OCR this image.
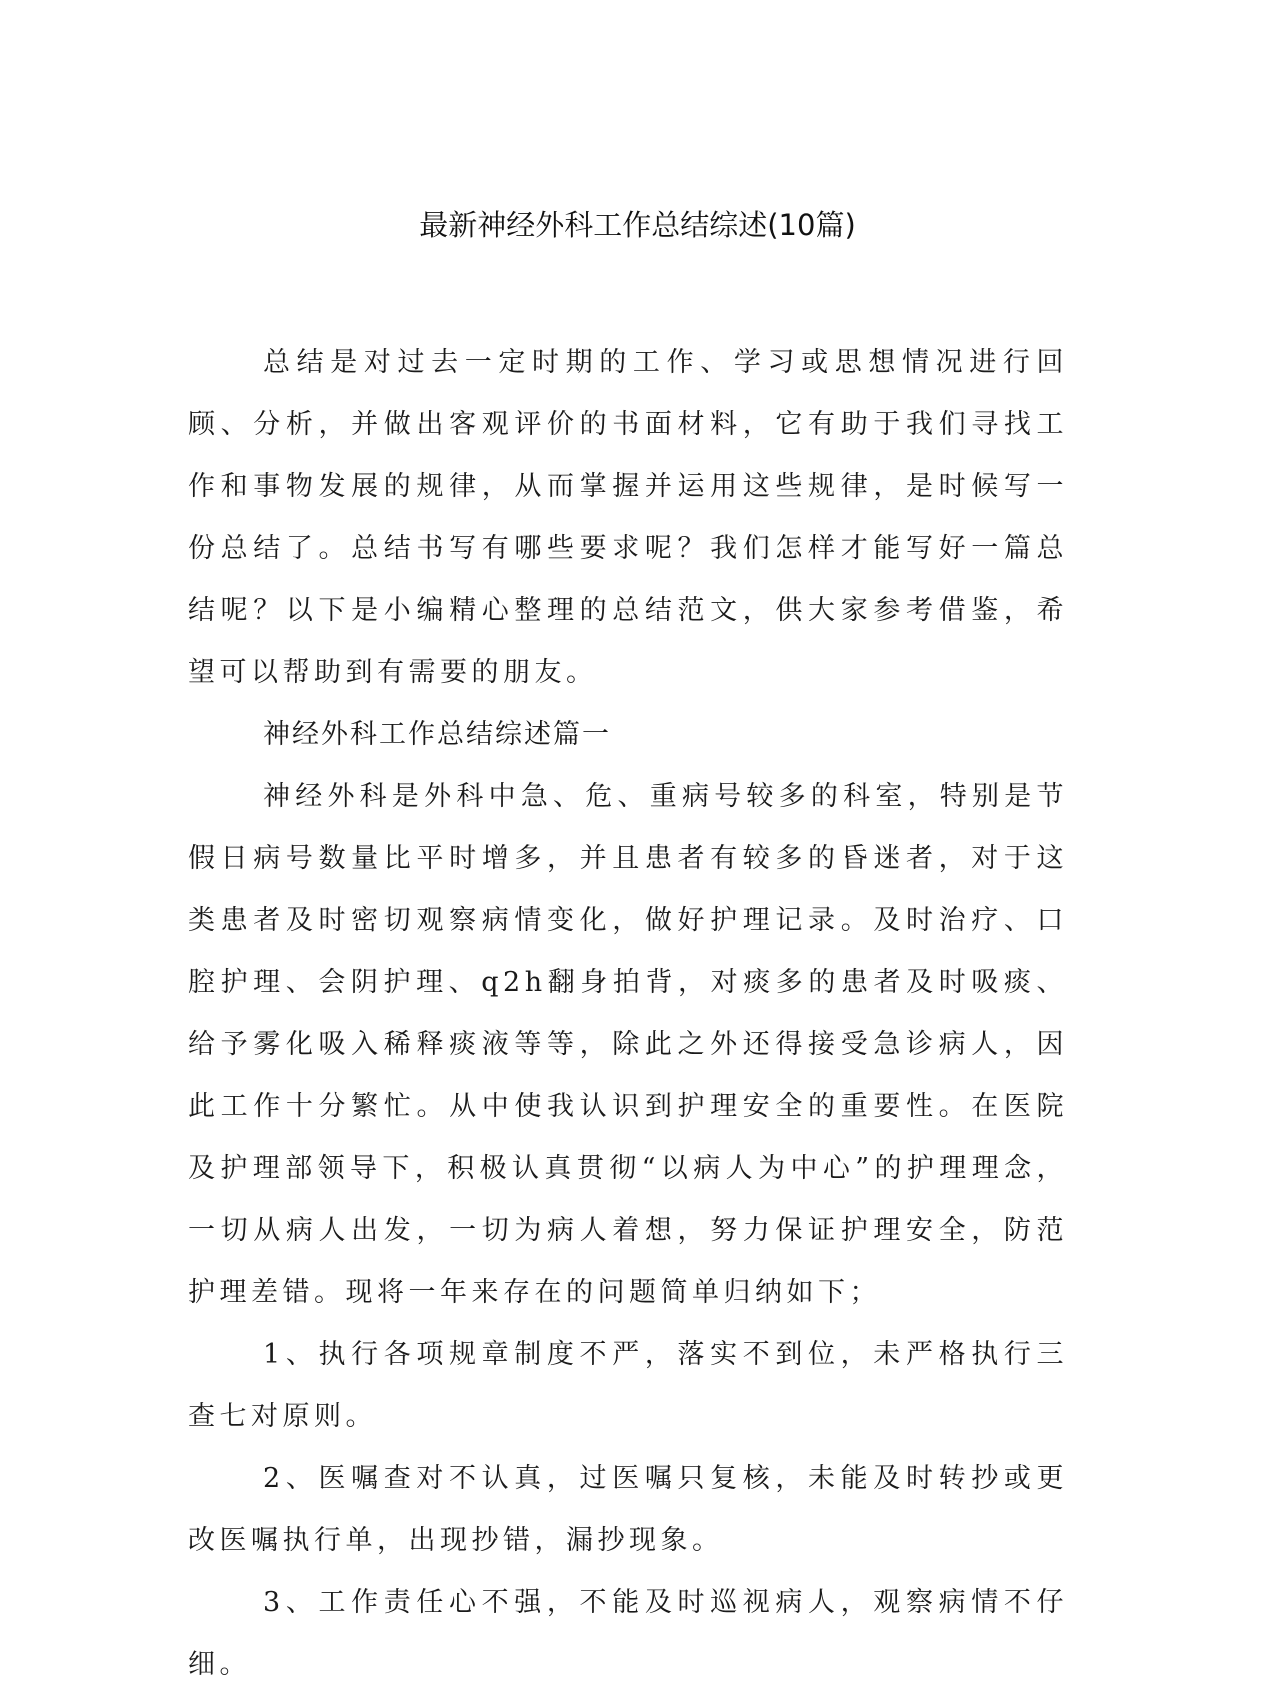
最新神经外科工作总结综述(10篇)

总结是对过去一定时期的工作、学习或思想情况进行回顾、分析，并做出客观评价的书面材料，它有助于我们寻找工作和事物发展的规律，从而掌握并运用这些规律，是时候写一份总结了。总结书写有哪些要求呢？我们怎样才能写好一篇总结呢？以下是小编精心整理的总结范文，供大家参考借鉴，希望可以帮助到有需要的朋友。

神经外科工作总结综述篇一

神经外科是外科中急、危、重病号较多的科室，特别是节假日病号数量比平时增多，并且患者有较多的昏迷者，对于这类患者及时密切观察病情变化，做好护理记录。及时治疗、口腔护理、会阴护理、q2h翻身拍背，对痰多的患者及时吸痰、给予雾化吸入稀释痰液等等，除此之外还得接受急诊病人，因此工作十分繁忙。从中使我认识到护理安全的重要性。在医院及护理部领导下，积极认真贯彻“以病人为中心”的护理理念，一切从病人出发，一切为病人着想，努力保证护理安全，防范护理差错。现将一年来存在的问题简单归纳如下；

1、执行各项规章制度不严，落实不到位，未严格执行三查七对原则。

2、医嘱查对不认真，过医嘱只复核，未能及时转抄或更改医嘱执行单，出现抄错，漏抄现象。

3、工作责任心不强，不能及时巡视病人，观察病情不仔细。
